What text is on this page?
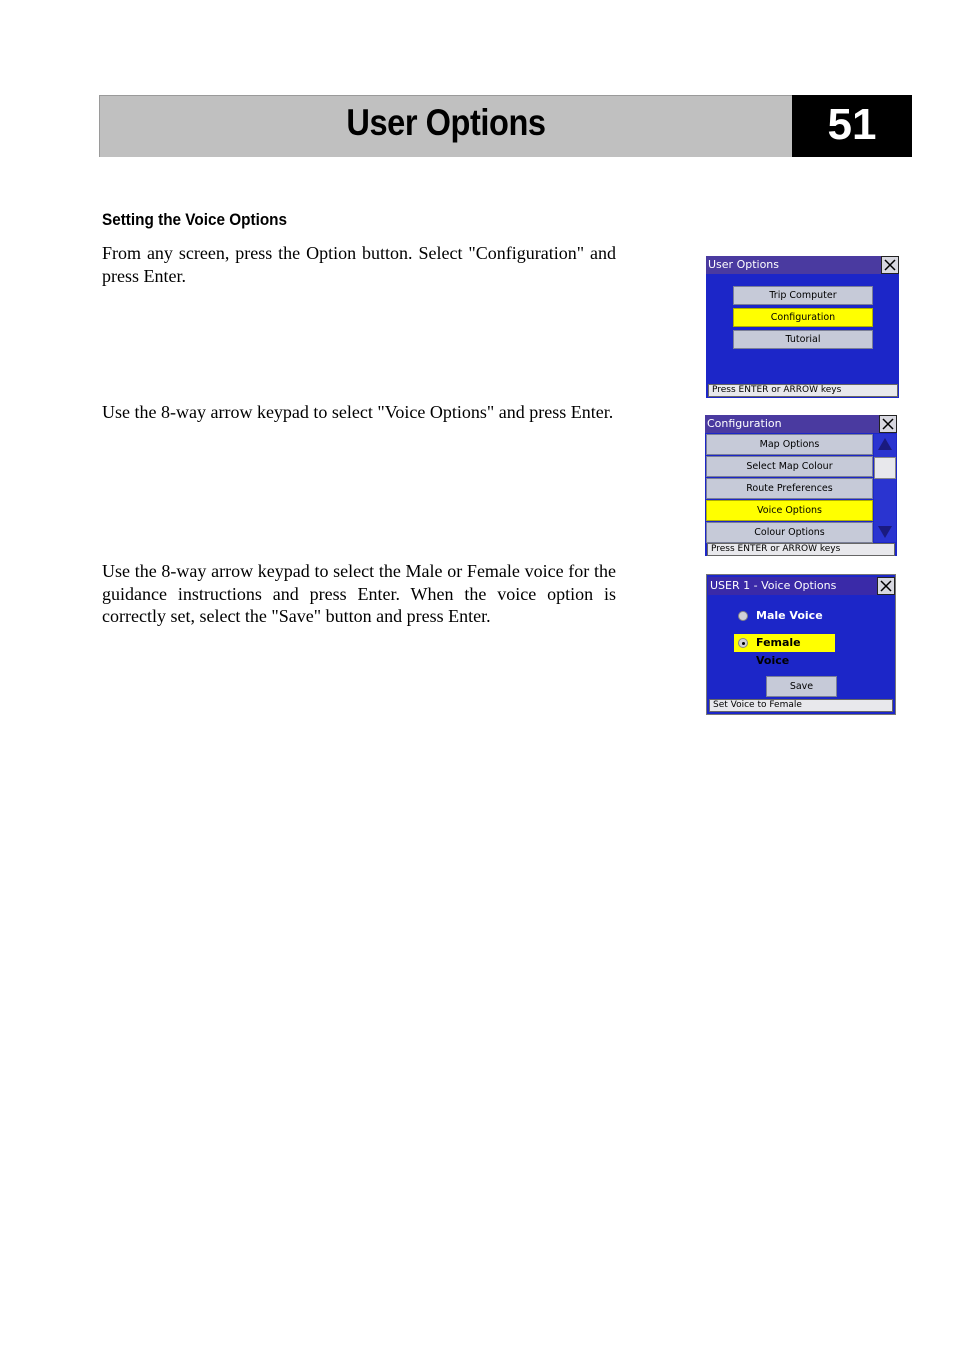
User Options	51
Setting the Voice Options
From any screen, press the Option button. Select "Configuration" and press Enter.
Use the 8-way arrow keypad to select "Voice Options" and press Enter.
Use the 8-way arrow keypad to select the Male or Female voice for the guidance instructions and press Enter. When the voice option is correctly set, select the "Save" button and press Enter.
User Options
Trip Computer
Configuration
Tutorial
Press ENTER or ARROW keys
Configuration
Map Options
Select Map Colour
Route Preferences
Voice Options
Colour Options
Press ENTER or ARROW keys
USER 1 - Voice Options
Male Voice
Female Voice
Save
Set Voice to Female
